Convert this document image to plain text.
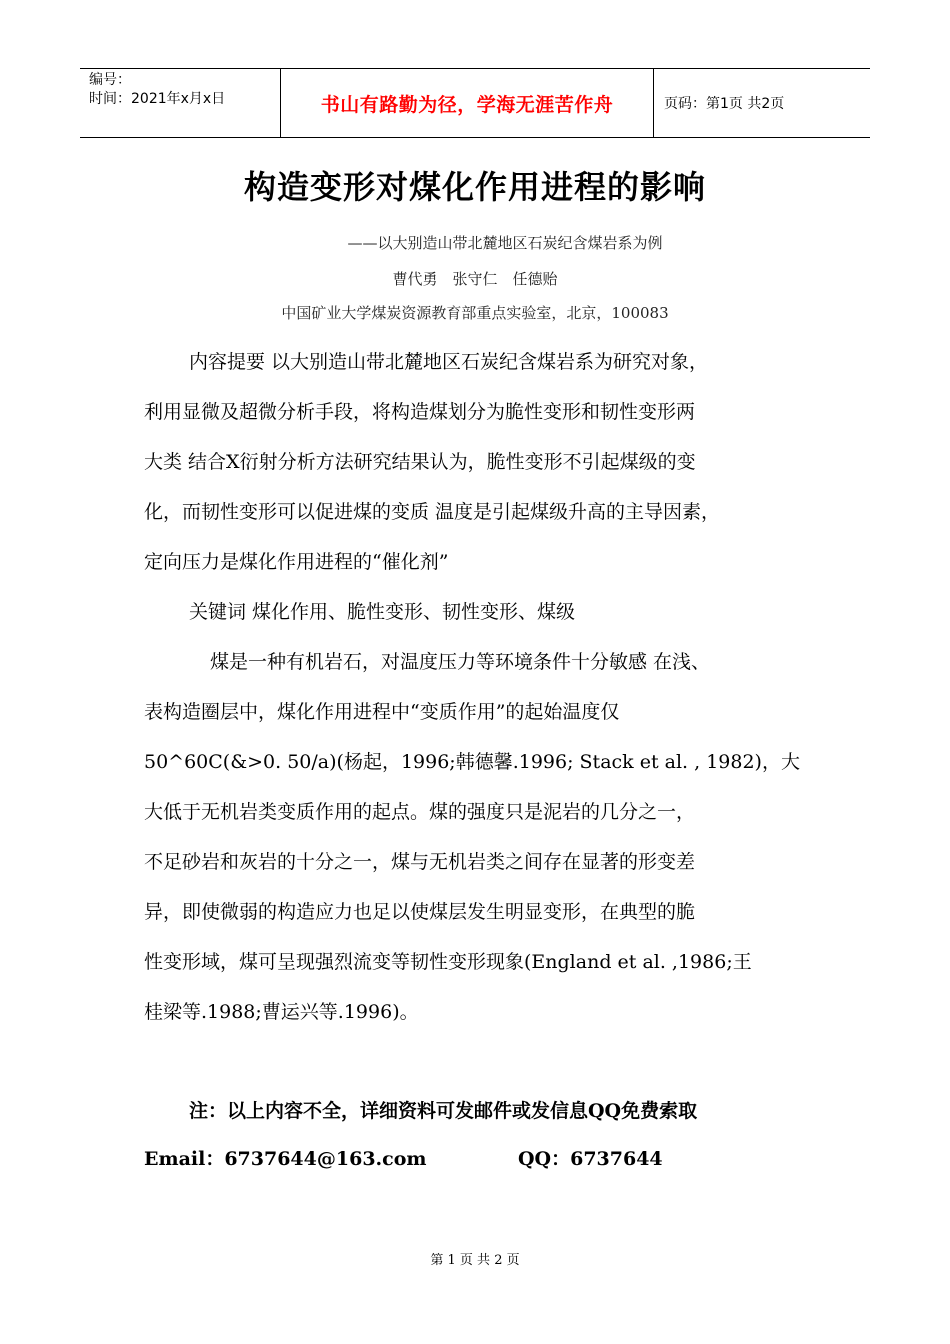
编号：
时间：2021年x月x日	书山有路勤为径，学海无涯苦作舟	页码：第1页 共2页
构造变形对煤化作用进程的影响
——以大别造山带北麓地区石炭纪含煤岩系为例
曹代勇　张守仁　任德贻
中国矿业大学煤炭资源教育部重点实验室，北京，100083
内容提要 以大别造山带北麓地区石炭纪含煤岩系为研究对象，
利用显微及超微分析手段，将构造煤划分为脆性变形和韧性变形两
大类 结合X衍射分析方法研究结果认为，脆性变形不引起煤级的变
化，而韧性变形可以促进煤的变质 温度是引起煤级升高的主导因素，
定向压力是煤化作用进程的“催化剂”
关键词 煤化作用、脆性变形、韧性变形、煤级
煤是一种有机岩石，对温度压力等环境条件十分敏感 在浅、
表构造圈层中，煤化作用进程中“变质作用”的起始温度仅
50^60C(&>0. 50/a)(杨起，1996;韩德馨.1996; Stack et al. , 1982)，大
大低于无机岩类变质作用的起点。煤的强度只是泥岩的几分之一，
不足砂岩和灰岩的十分之一，煤与无机岩类之间存在显著的形变差
异，即使微弱的构造应力也足以使煤层发生明显变形，在典型的脆
性变形域，煤可呈现强烈流变等韧性变形现象(England et al. ,1986;王
桂梁等.1988;曹运兴等.1996)。
注：以上内容不全，详细资料可发邮件或发信息QQ免费索取
Email：6737644@163.com	QQ：6737644
第 1 页 共 2 页
